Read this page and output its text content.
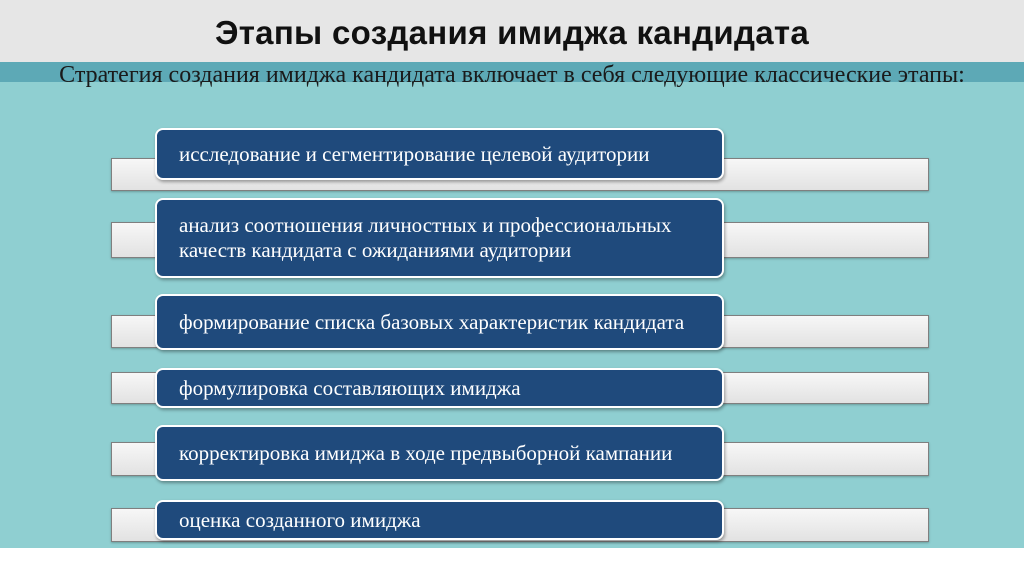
Этапы создания имиджа кандидата
Стратегия создания имиджа кандидата включает в себя следующие классические этапы:
исследование и сегментирование целевой аудитории
анализ соотношения личностных и профессиональных качеств кандидата с ожиданиями аудитории
формирование списка базовых характеристик кандидата
формулировка составляющих имиджа
корректировка имиджа в ходе предвыборной кампании
оценка созданного имиджа
